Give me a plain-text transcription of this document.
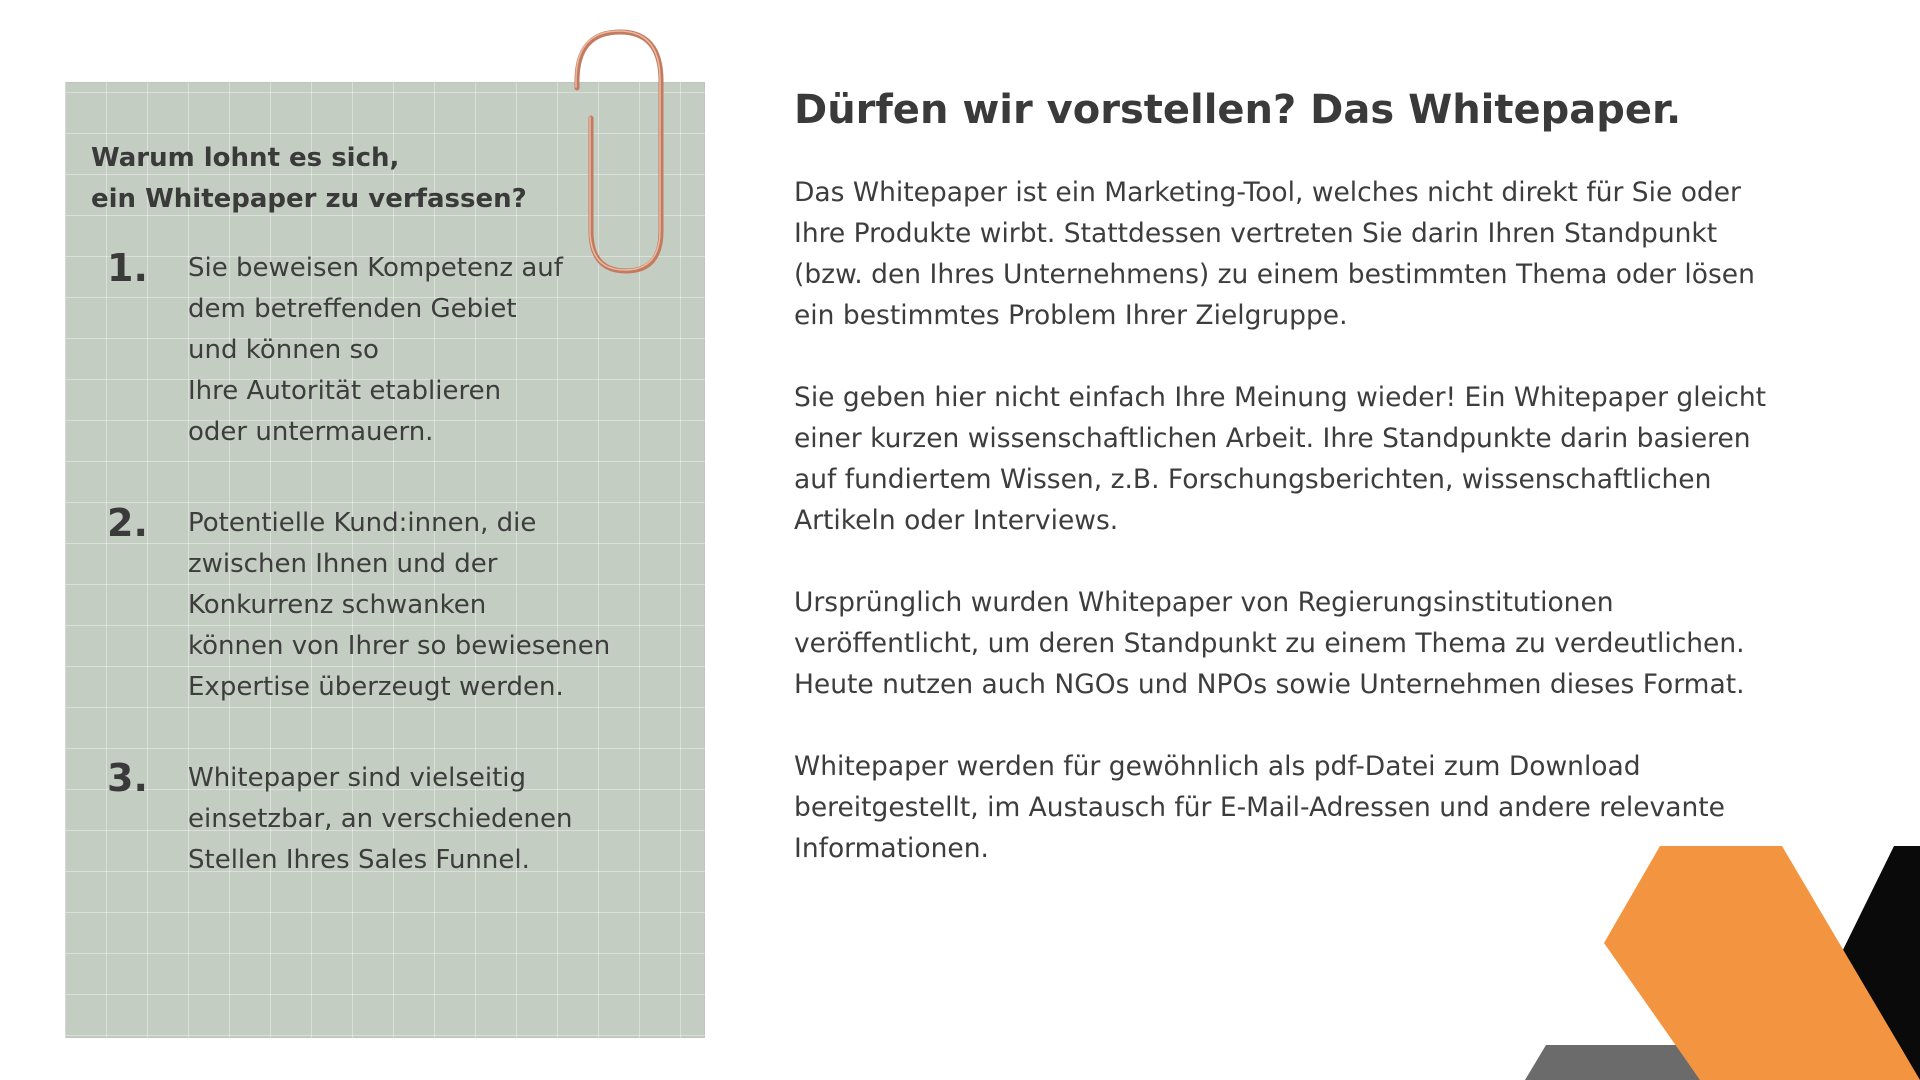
Warum lohnt es sich,
ein Whitepaper zu verfassen?
1. Sie beweisen Kompetenz auf
dem betreffenden Gebiet
und können so
Ihre Autorität etablieren
oder untermauern.
2. Potentielle Kund:innen, die
zwischen Ihnen und der
Konkurrenz schwanken
können von Ihrer so bewiesenen
Expertise überzeugt werden.
3. Whitepaper sind vielseitig
einsetzbar, an verschiedenen
Stellen Ihres Sales Funnel.
Dürfen wir vorstellen? Das Whitepaper.

Das Whitepaper ist ein Marketing-Tool, welches nicht direkt für Sie oder
Ihre Produkte wirbt. Stattdessen vertreten Sie darin Ihren Standpunkt
(bzw. den Ihres Unternehmens) zu einem bestimmten Thema oder lösen
ein bestimmtes Problem Ihrer Zielgruppe.

Sie geben hier nicht einfach Ihre Meinung wieder! Ein Whitepaper gleicht
einer kurzen wissenschaftlichen Arbeit. Ihre Standpunkte darin basieren
auf fundiertem Wissen, z.B. Forschungsberichten, wissenschaftlichen
Artikeln oder Interviews.

Ursprünglich wurden Whitepaper von Regierungsinstitutionen
veröffentlicht, um deren Standpunkt zu einem Thema zu verdeutlichen.
Heute nutzen auch NGOs und NPOs sowie Unternehmen dieses Format.

Whitepaper werden für gewöhnlich als pdf-Datei zum Download
bereitgestellt, im Austausch für E-Mail-Adressen und andere relevante
Informationen.
